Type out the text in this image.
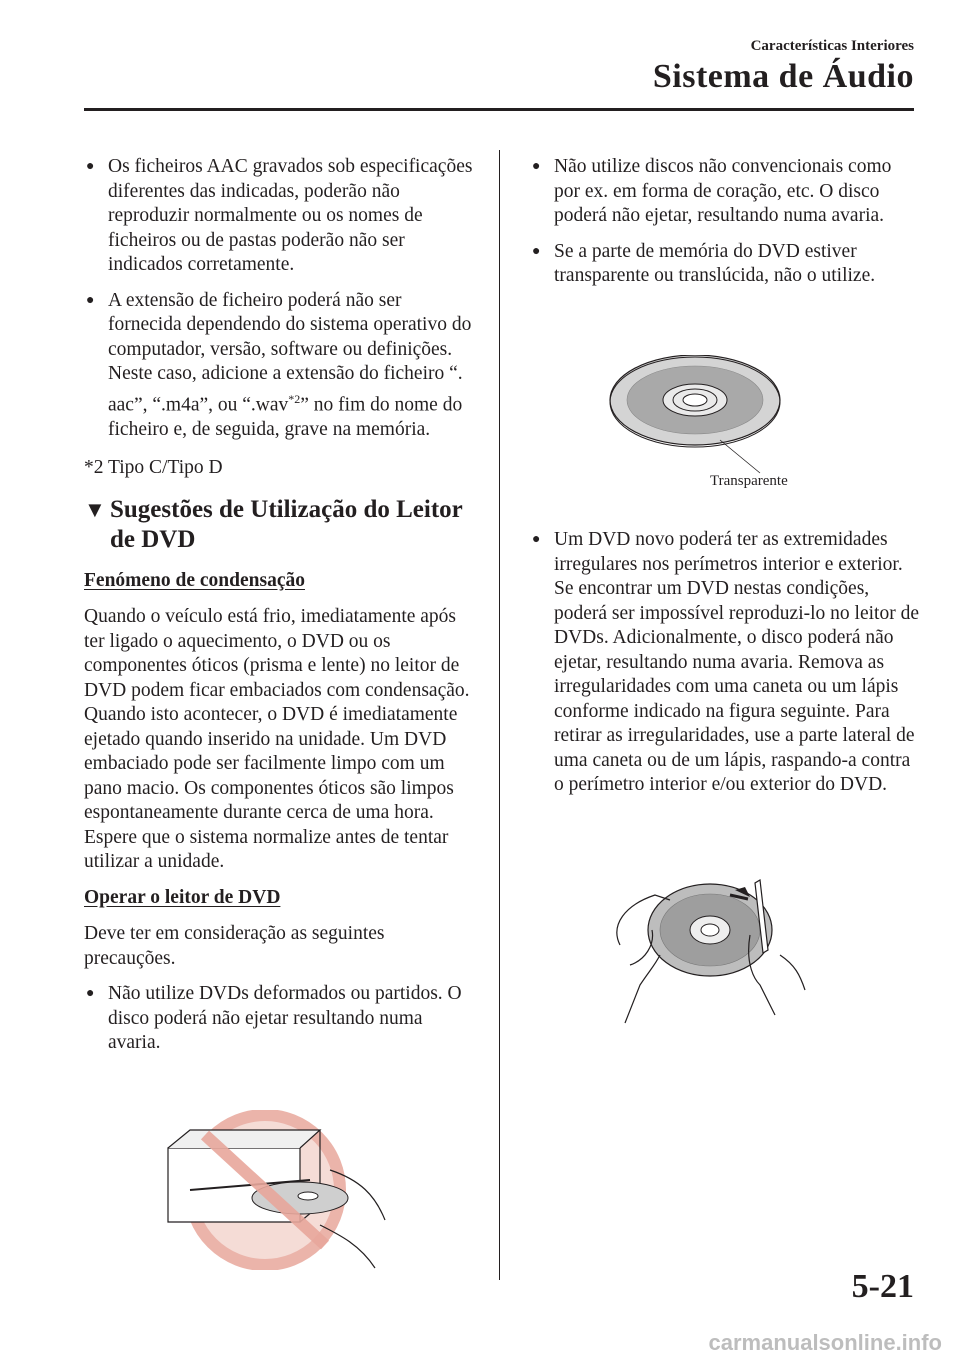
Características Interiores
Sistema de Áudio
● Os ficheiros AAC gravados sob especificações diferentes das indicadas, poderão não reproduzir normalmente ou os nomes de ficheiros ou de pastas poderão não ser indicados corretamente.
● A extensão de ficheiro poderá não ser fornecida dependendo do sistema operativo do computador, versão, software ou definições. Neste caso, adicione a extensão do ficheiro “. aac”, “.m4a”, ou “.wav$^{*2}$” no fim do nome do ficheiro e, de seguida, grave na memória.

*2 Tipo C/Tipo D

▼ Sugestões de Utilização do Leitor de DVD
Fenómeno de condensação

Quando o veículo está frio, imediatamente após ter ligado o aquecimento, o DVD ou os componentes óticos (prisma e lente) no leitor de DVD podem ficar embaciados com condensação. Quando isto acontecer, o DVD é imediatamente ejetado quando inserido na unidade. Um DVD embaciado pode ser facilmente limpo com um pano macio. Os componentes óticos são limpos espontaneamente durante cerca de uma hora. Espere que o sistema normalize antes de tentar utilizar a unidade.

Operar o leitor de DVD

Deve ter em consideração as seguintes precauções.

● Não utilize DVDs deformados ou partidos. O disco poderá não ejetar resultando numa avaria.
● Não utilize discos não convencionais como por ex. em forma de coração, etc. O disco poderá não ejetar, resultando numa avaria.
● Se a parte de memória do DVD estiver transparente ou translúcida, não o utilize.
Transparente
● Um DVD novo poderá ter as extremidades irregulares nos perímetros interior e exterior. Se encontrar um DVD nestas condições, poderá ser impossível reproduzi-lo no leitor de DVDs. Adicionalmente, o disco poderá não ejetar, resultando numa avaria. Remova as irregularidades com uma caneta ou um lápis conforme indicado na figura seguinte. Para retirar as irregularidades, use a parte lateral de uma caneta ou de um lápis, raspando-a contra o perímetro interior e/ou exterior do DVD.
5-21
carmanualsonline.info
